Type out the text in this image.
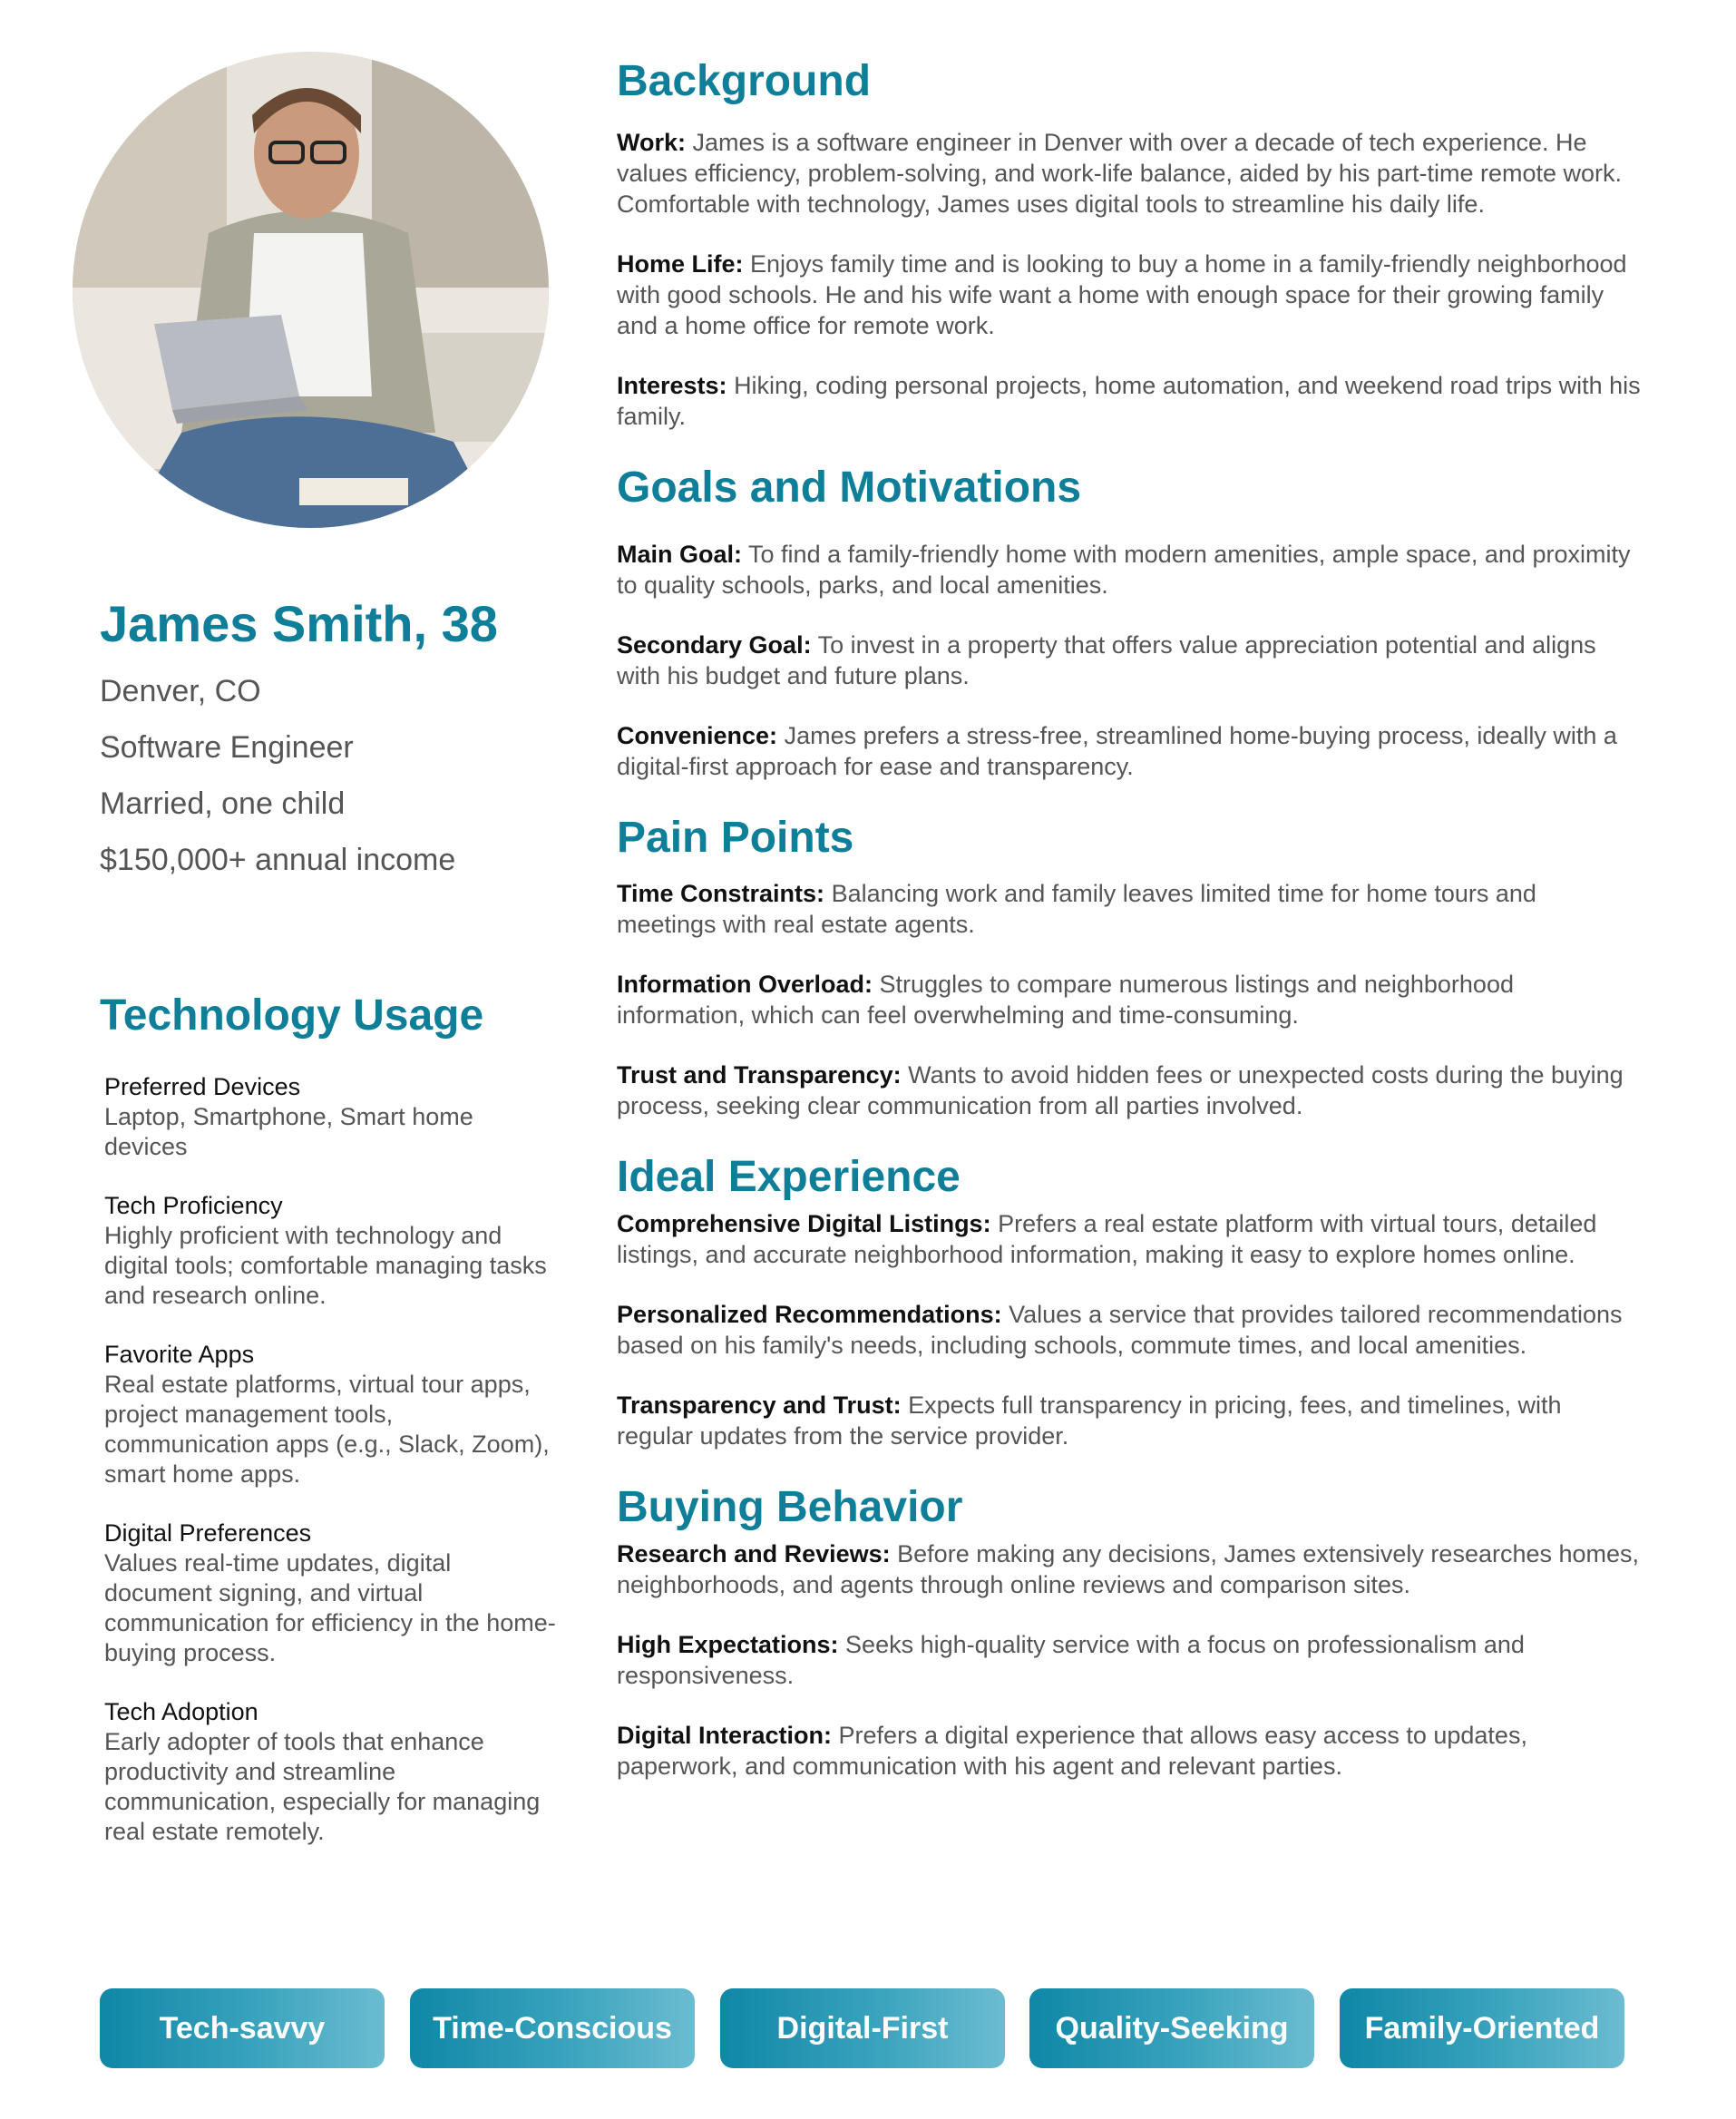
James Smith, 38
Denver, CO
Software Engineer
Married, one child
$150,000+ annual income
Technology Usage
Preferred Devices
Laptop, Smartphone, Smart home devices
Tech Proficiency
Highly proficient with technology and digital tools; comfortable managing tasks and research online.
Favorite Apps
Real estate platforms, virtual tour apps, project management tools, communication apps (e.g., Slack, Zoom), smart home apps.
Digital Preferences
Values real-time updates, digital document signing, and virtual communication for efficiency in the home-buying process.
Tech Adoption
Early adopter of tools that enhance productivity and streamline communication, especially for managing real estate remotely.
Background

Work: James is a software engineer in Denver with over a decade of tech experience. He values efficiency, problem-solving, and work-life balance, aided by his part-time remote work. Comfortable with technology, James uses digital tools to streamline his daily life.

Home Life: Enjoys family time and is looking to buy a home in a family-friendly neighborhood with good schools. He and his wife want a home with enough space for their growing family and a home office for remote work.

Interests: Hiking, coding personal projects, home automation, and weekend road trips with his family.

Goals and Motivations

Main Goal: To find a family-friendly home with modern amenities, ample space, and proximity to quality schools, parks, and local amenities.

Secondary Goal: To invest in a property that offers value appreciation potential and aligns with his budget and future plans.

Convenience: James prefers a stress-free, streamlined home-buying process, ideally with a digital-first approach for ease and transparency.

Pain Points

Time Constraints: Balancing work and family leaves limited time for home tours and meetings with real estate agents.

Information Overload: Struggles to compare numerous listings and neighborhood information, which can feel overwhelming and time-consuming.

Trust and Transparency: Wants to avoid hidden fees or unexpected costs during the buying process, seeking clear communication from all parties involved.

Ideal Experience

Comprehensive Digital Listings: Prefers a real estate platform with virtual tours, detailed listings, and accurate neighborhood information, making it easy to explore homes online.

Personalized Recommendations: Values a service that provides tailored recommendations based on his family's needs, including schools, commute times, and local amenities.

Transparency and Trust: Expects full transparency in pricing, fees, and timelines, with regular updates from the service provider.

Buying Behavior

Research and Reviews: Before making any decisions, James extensively researches homes, neighborhoods, and agents through online reviews and comparison sites.

High Expectations: Seeks high-quality service with a focus on professionalism and responsiveness.

Digital Interaction: Prefers a digital experience that allows easy access to updates, paperwork, and communication with his agent and relevant parties.

Tech-savvy	Time-Conscious	Digital-First	Quality-Seeking	Family-Oriented
